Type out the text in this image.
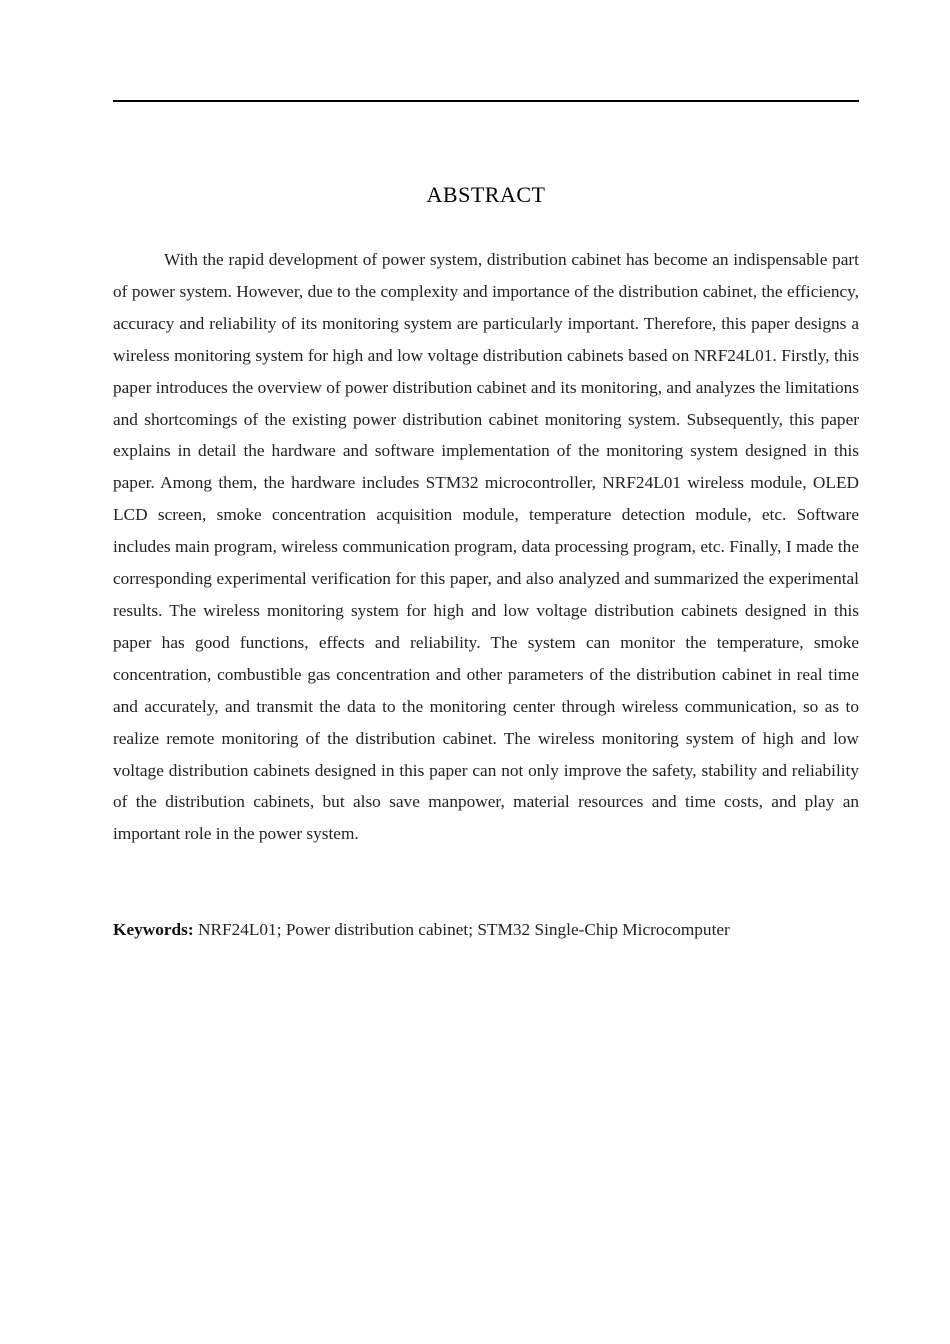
ABSTRACT

With the rapid development of power system, distribution cabinet has become an indispensable part of power system. However, due to the complexity and importance of the distribution cabinet, the efficiency, accuracy and reliability of its monitoring system are particularly important. Therefore, this paper designs a wireless monitoring system for high and low voltage distribution cabinets based on NRF24L01. Firstly, this paper introduces the overview of power distribution cabinet and its monitoring, and analyzes the limitations and shortcomings of the existing power distribution cabinet monitoring system. Subsequently, this paper explains in detail the hardware and software implementation of the monitoring system designed in this paper. Among them, the hardware includes STM32 microcontroller, NRF24L01 wireless module, OLED LCD screen, smoke concentration acquisition module, temperature detection module, etc. Software includes main program, wireless communication program, data processing program, etc. Finally, I made the corresponding experimental verification for this paper, and also analyzed and summarized the experimental results. The wireless monitoring system for high and low voltage distribution cabinets designed in this paper has good functions, effects and reliability. The system can monitor the temperature, smoke concentration, combustible gas concentration and other parameters of the distribution cabinet in real time and accurately, and transmit the data to the monitoring center through wireless communication, so as to realize remote monitoring of the distribution cabinet. The wireless monitoring system of high and low voltage distribution cabinets designed in this paper can not only improve the safety, stability and reliability of the distribution cabinets, but also save manpower, material resources and time costs, and play an important role in the power system.

Keywords: NRF24L01; Power distribution cabinet; STM32 Single-Chip Microcomputer
